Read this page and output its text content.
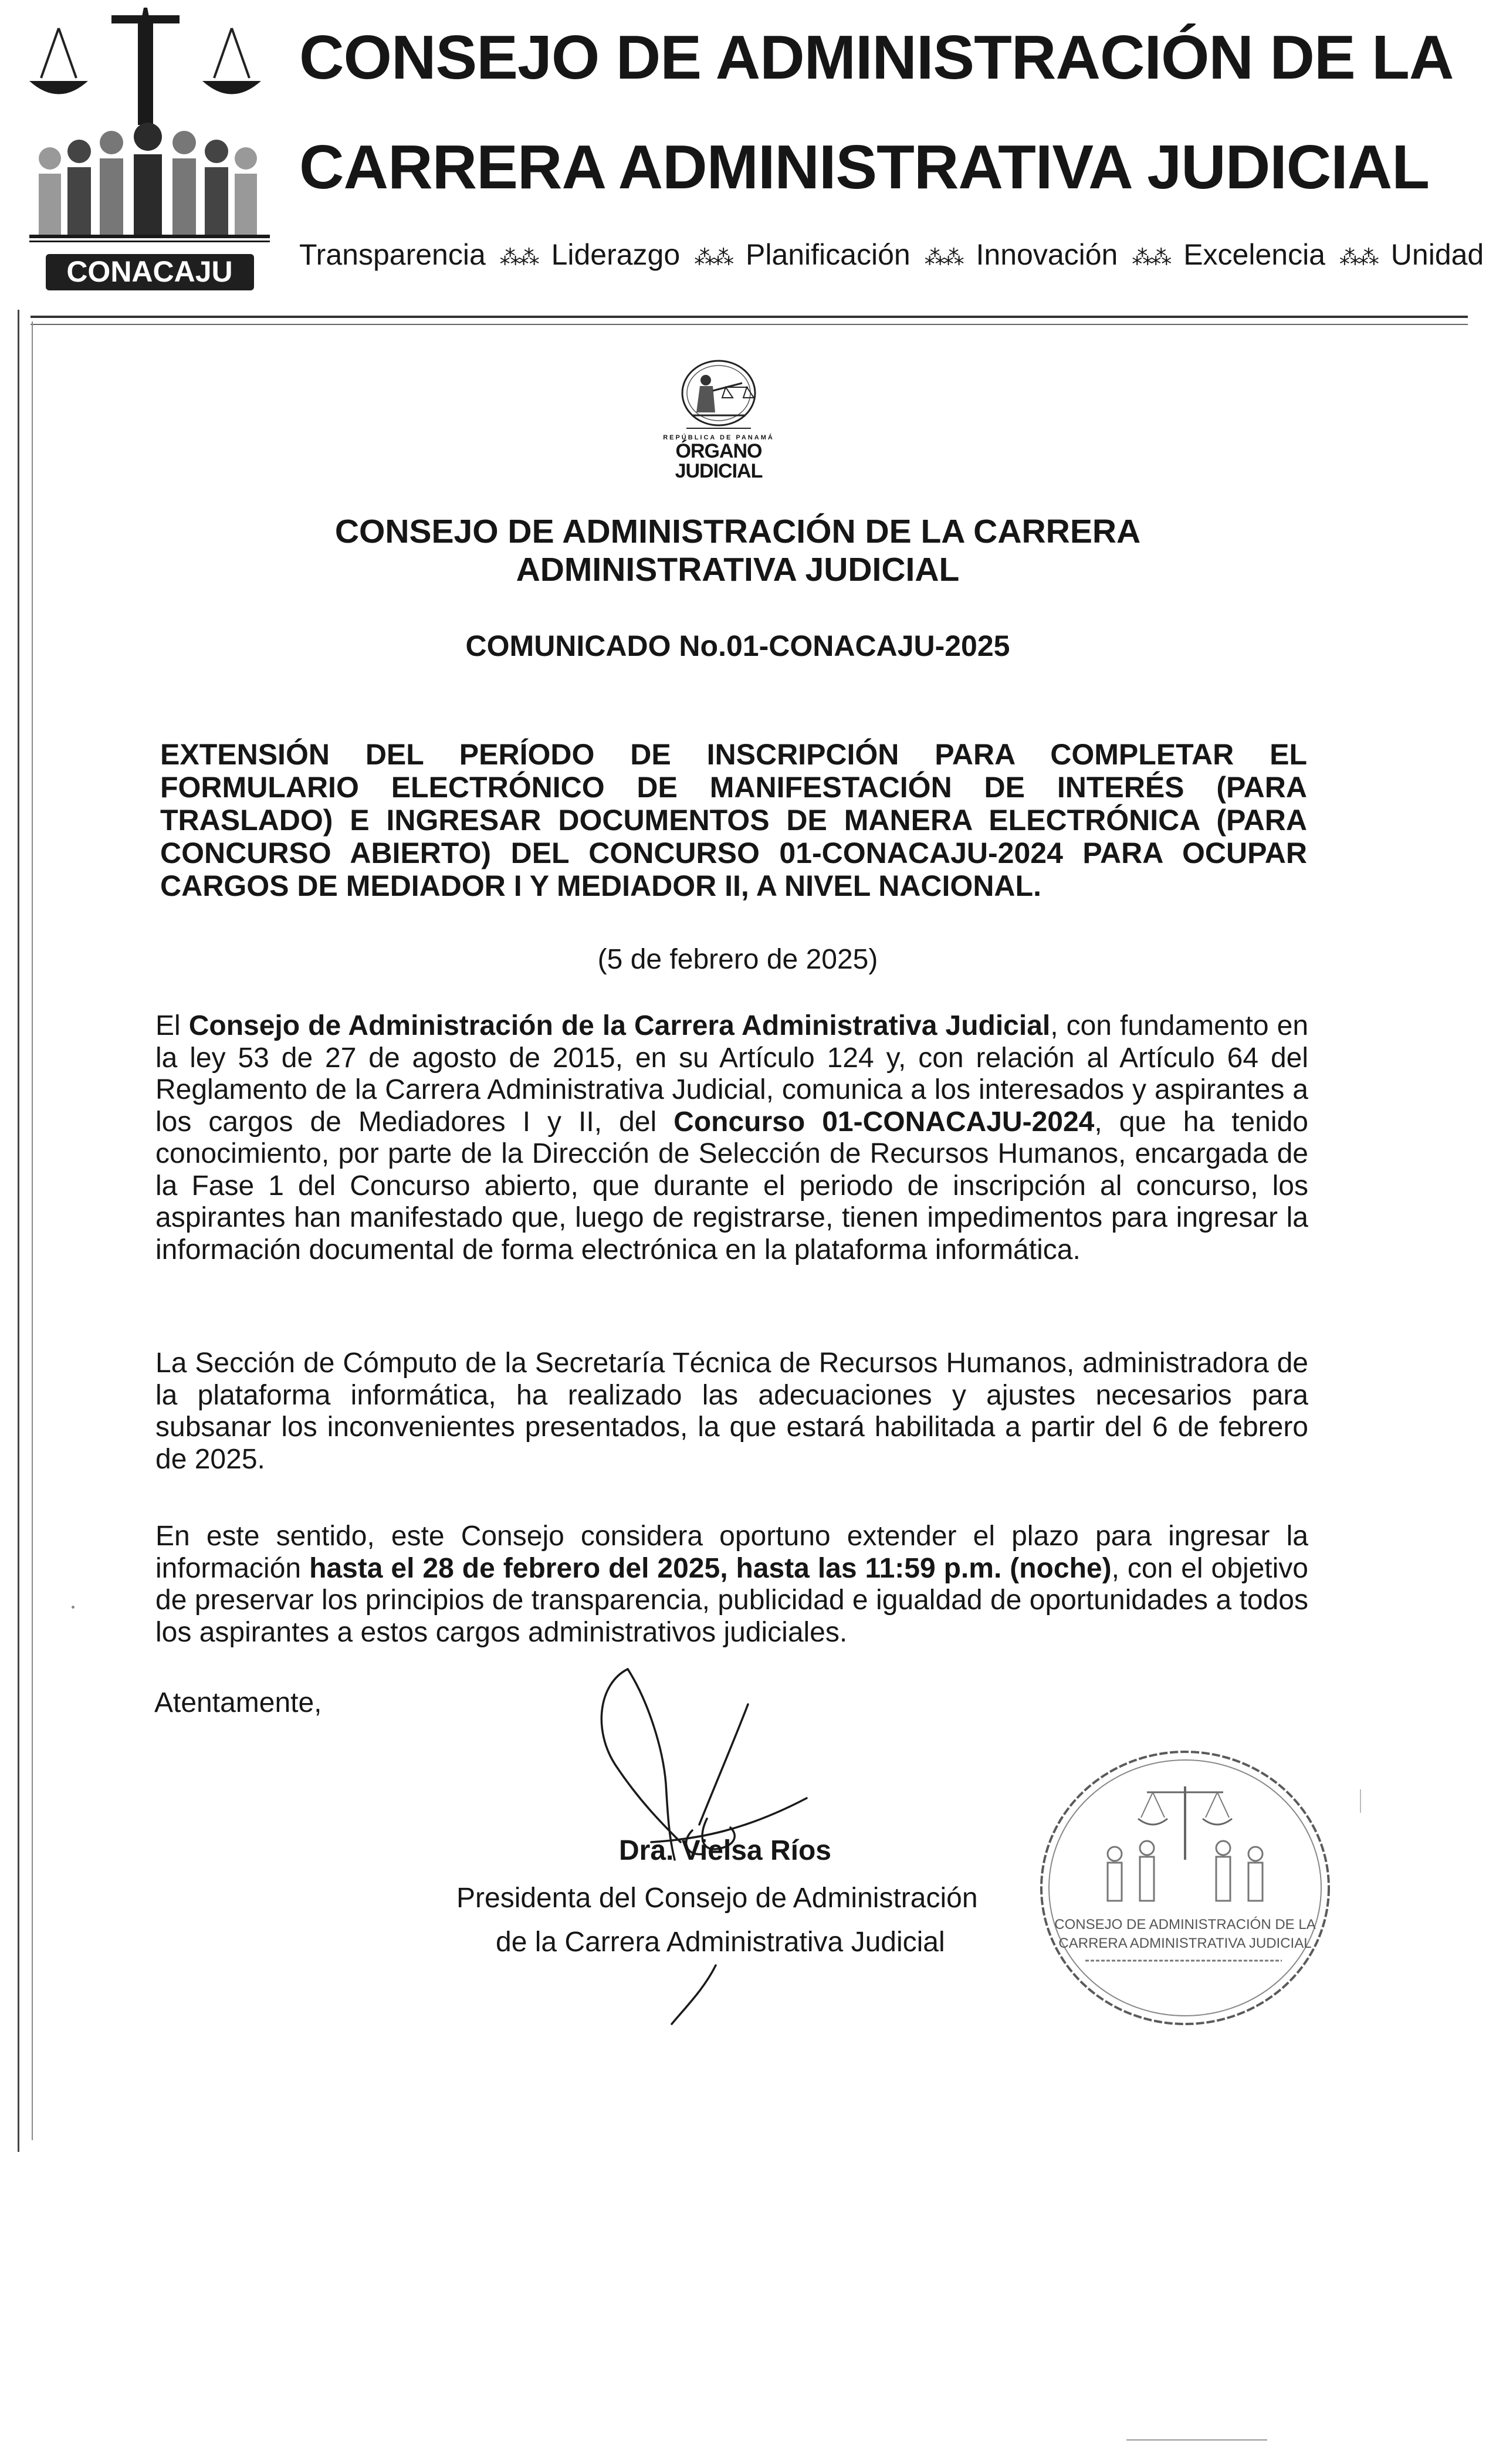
CONACAJU
CONSEJO DE ADMINISTRACIÓN DE LA
CARRERA ADMINISTRATIVA JUDICIAL
Transparencia ⁂⁂ Liderazgo ⁂⁂ Planificación ⁂⁂ Innovación ⁂⁂ Excelencia ⁂⁂ Unidad
REPÚBLICA DE PANAMÁ
ÓRGANO
JUDICIAL
CONSEJO DE ADMINISTRACIÓN DE LA CARRERA
ADMINISTRATIVA JUDICIAL
COMUNICADO No.01-CONACAJU-2025
EXTENSIÓN DEL PERÍODO DE INSCRIPCIÓN PARA COMPLETAR EL FORMULARIO ELECTRÓNICO DE MANIFESTACIÓN DE INTERÉS (PARA TRASLADO) E INGRESAR DOCUMENTOS DE MANERA ELECTRÓNICA (PARA CONCURSO ABIERTO) DEL CONCURSO 01-CONACAJU-2024 PARA OCUPAR CARGOS DE MEDIADOR I Y MEDIADOR II, A NIVEL NACIONAL.
(5 de febrero de 2025)
El Consejo de Administración de la Carrera Administrativa Judicial, con fundamento en la ley 53 de 27 de agosto de 2015, en su Artículo 124 y, con relación al Artículo 64 del Reglamento de la Carrera Administrativa Judicial, comunica a los interesados y aspirantes a los cargos de Mediadores I y II, del Concurso 01-CONACAJU-2024, que ha tenido conocimiento, por parte de la Dirección de Selección de Recursos Humanos, encargada de la Fase 1 del Concurso abierto, que durante el periodo de inscripción al concurso, los aspirantes han manifestado que, luego de registrarse, tienen impedimentos para ingresar la información documental de forma electrónica en la plataforma informática.
La Sección de Cómputo de la Secretaría Técnica de Recursos Humanos, administradora de la plataforma informática, ha realizado las adecuaciones y ajustes necesarios para subsanar los inconvenientes presentados, la que estará habilitada a partir del 6 de febrero de 2025.
En este sentido, este Consejo considera oportuno extender el plazo para ingresar la información hasta el 28 de febrero del 2025, hasta las 11:59 p.m. (noche), con el objetivo de preservar los principios de transparencia, publicidad e igualdad de oportunidades a todos los aspirantes a estos cargos administrativos judiciales.
Atentamente,
Dra. Vielsa Ríos
Presidenta del Consejo de Administración
de la Carrera Administrativa Judicial
CONSEJO DE ADMINISTRACIÓN DE LA
CARRERA ADMINISTRATIVA JUDICIAL
